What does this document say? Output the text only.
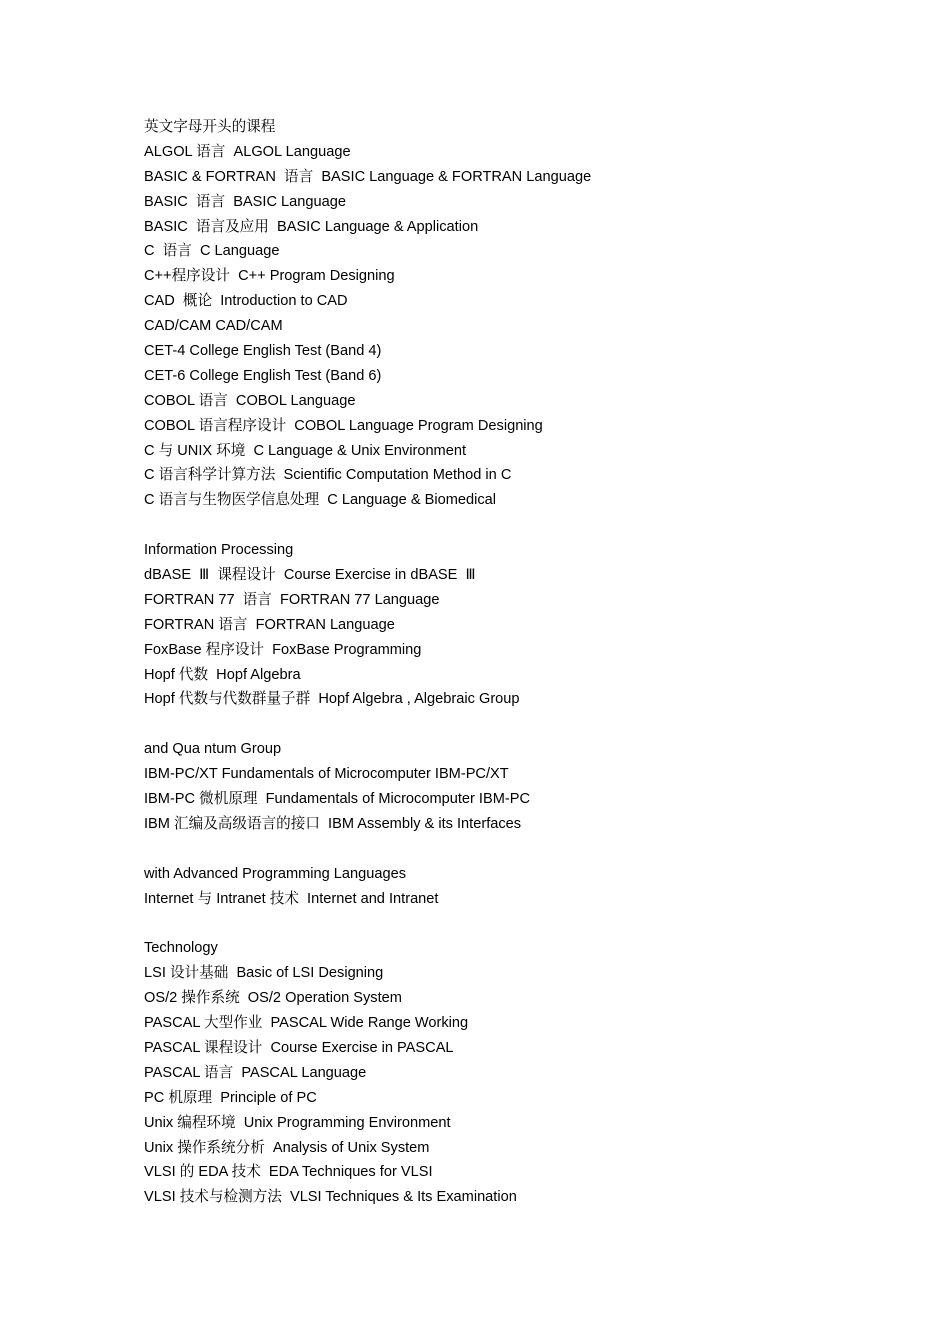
英文字母开头的课程
ALGOL 语言  ALGOL Language
BASIC & FORTRAN  语言  BASIC Language & FORTRAN Language
BASIC  语言  BASIC Language
BASIC  语言及应用  BASIC Language & Application
C  语言  C Language
C++程序设计  C++ Program Designing
CAD  概论  Introduction to CAD
CAD/CAM CAD/CAM
CET-4 College English Test (Band 4)
CET-6 College English Test (Band 6)
COBOL 语言  COBOL Language
COBOL 语言程序设计  COBOL Language Program Designing
C 与 UNIX 环境  C Language & Unix Environment
C 语言科学计算方法  Scientific Computation Method in C
C 语言与生物医学信息处理  C Language & Biomedical
Information Processing
dBASE  Ⅲ  课程设计  Course Exercise in dBASE  Ⅲ
FORTRAN 77  语言  FORTRAN 77 Language
FORTRAN 语言  FORTRAN Language
FoxBase 程序设计  FoxBase Programming
Hopf 代数  Hopf Algebra
Hopf 代数与代数群量子群  Hopf Algebra , Algebraic Group
and Qua ntum Group
IBM-PC/XT Fundamentals of Microcomputer IBM-PC/XT
IBM-PC 微机原理  Fundamentals of Microcomputer IBM-PC
IBM 汇编及高级语言的接口  IBM Assembly & its Interfaces
with Advanced Programming Languages
Internet 与 Intranet 技术  Internet and Intranet
Technology
LSI 设计基础  Basic of LSI Designing
OS/2 操作系统  OS/2 Operation System
PASCAL 大型作业  PASCAL Wide Range Working
PASCAL 课程设计  Course Exercise in PASCAL
PASCAL 语言  PASCAL Language
PC 机原理  Principle of PC
Unix 编程环境  Unix Programming Environment
Unix 操作系统分析  Analysis of Unix System
VLSI 的 EDA 技术  EDA Techniques for VLSI
VLSI 技术与检测方法  VLSI Techniques & Its Examination
